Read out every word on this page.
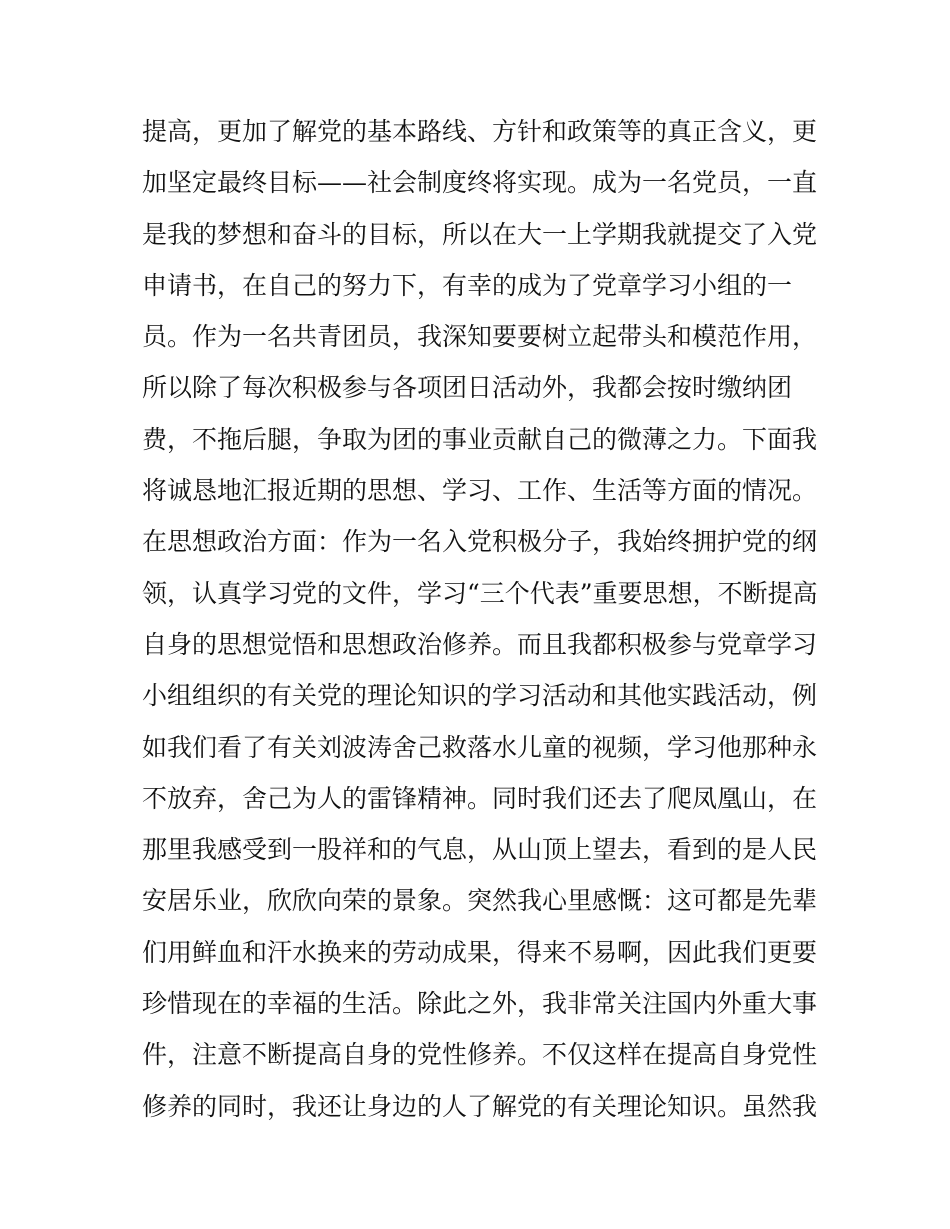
提高，更加了解党的基本路线、方针和政策等的真正含义，更
加坚定最终目标——社会制度终将实现。成为一名党员，一直
是我的梦想和奋斗的目标，所以在大一上学期我就提交了入党
申请书，在自己的努力下，有幸的成为了党章学习小组的一
员。作为一名共青团员，我深知要要树立起带头和模范作用，
所以除了每次积极参与各项团日活动外，我都会按时缴纳团
费，不拖后腿，争取为团的事业贡献自己的微薄之力。下面我
将诚恳地汇报近期的思想、学习、工作、生活等方面的情况。
在思想政治方面：作为一名入党积极分子，我始终拥护党的纲
领，认真学习党的文件，学习“三个代表”重要思想，不断提高
自身的思想觉悟和思想政治修养。而且我都积极参与党章学习
小组组织的有关党的理论知识的学习活动和其他实践活动，例
如我们看了有关刘波涛舍己救落水儿童的视频，学习他那种永
不放弃，舍己为人的雷锋精神。同时我们还去了爬凤凰山，在
那里我感受到一股祥和的气息，从山顶上望去，看到的是人民
安居乐业，欣欣向荣的景象。突然我心里感慨：这可都是先辈
们用鲜血和汗水换来的劳动成果，得来不易啊，因此我们更要
珍惜现在的幸福的生活。除此之外，我非常关注国内外重大事
件，注意不断提高自身的党性修养。不仅这样在提高自身党性
修养的同时，我还让身边的人了解党的有关理论知识。虽然我
